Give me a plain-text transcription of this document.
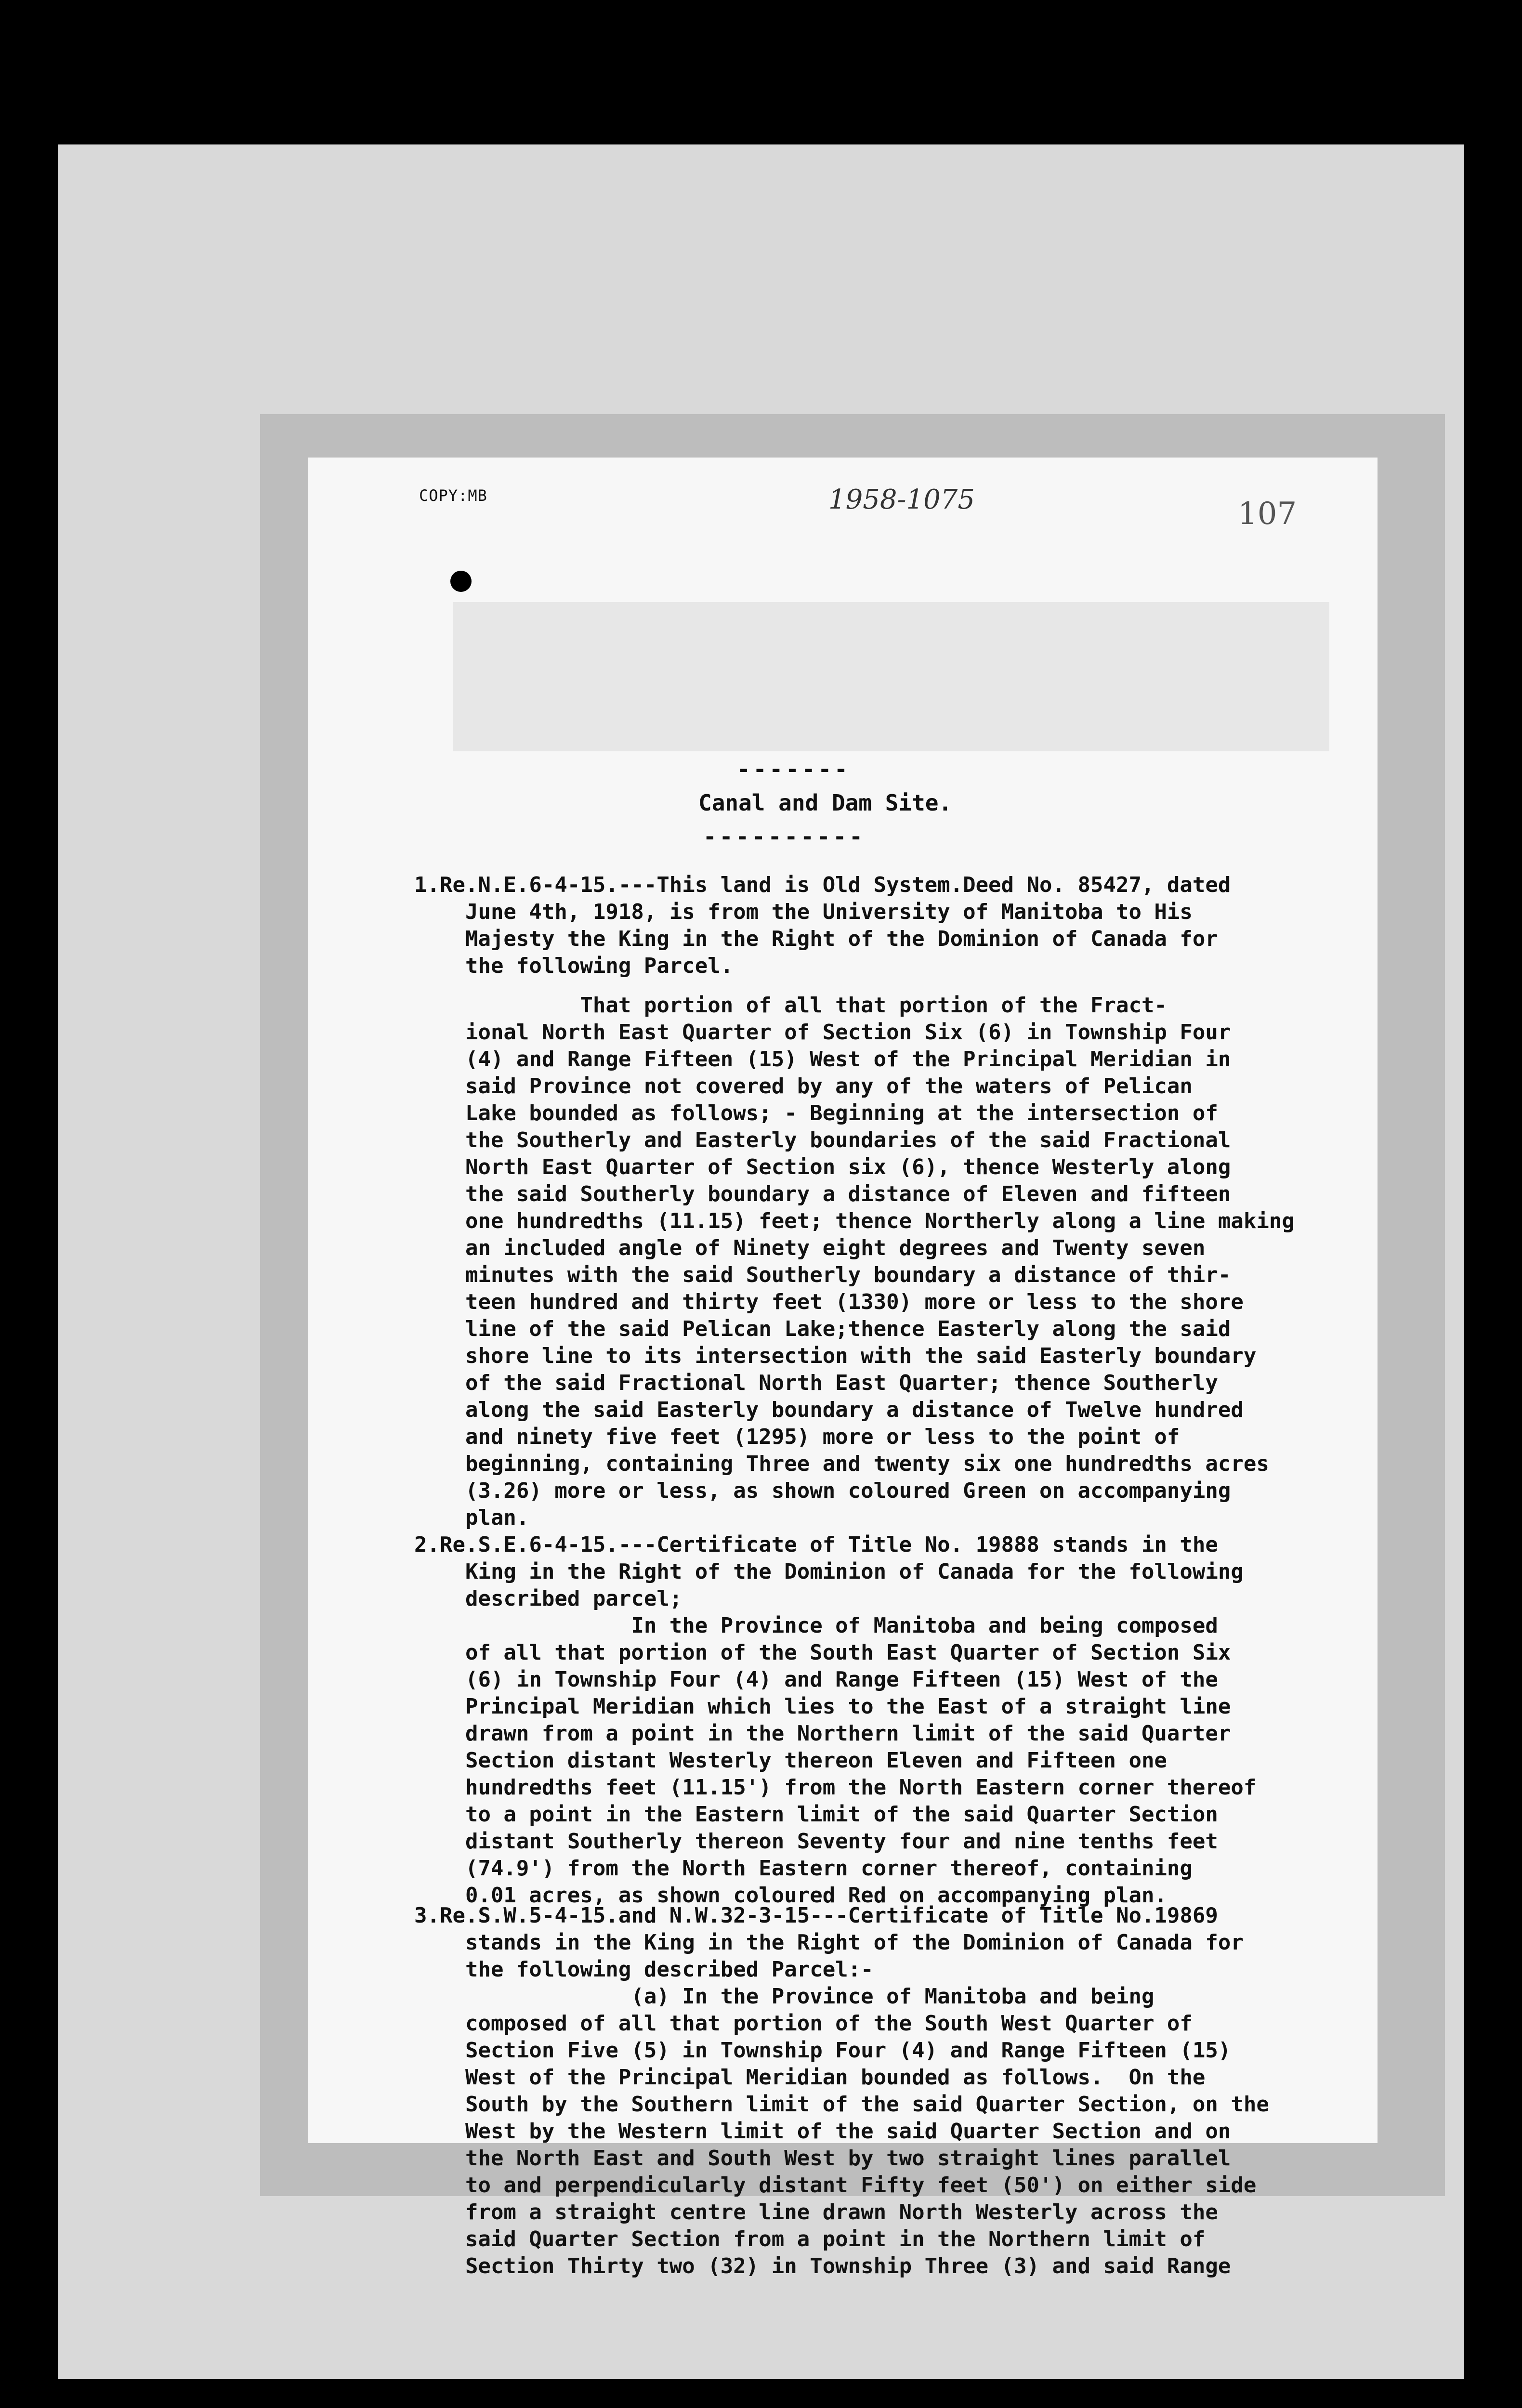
COPY:MB	1958-1075	107
-------
Canal and Dam Site.
----------
1.Re.N.E.6-4-15.---This land is Old System.Deed No. 85427, dated
June 4th, 1918, is from the University of Manitoba to His
Majesty the King in the Right of the Dominion of Canada for
the following Parcel.
That portion of all that portion of the Fract-
ional North East Quarter of Section Six (6) in Township Four
(4) and Range Fifteen (15) West of the Principal Meridian in
said Province not covered by any of the waters of Pelican
Lake bounded as follows; - Beginning at the intersection of
the Southerly and Easterly boundaries of the said Fractional
North East Quarter of Section six (6), thence Westerly along
the said Southerly boundary a distance of Eleven and fifteen
one hundredths (11.15) feet; thence Northerly along a line making
an included angle of Ninety eight degrees and Twenty seven
minutes with the said Southerly boundary a distance of thir-
teen hundred and thirty feet (1330) more or less to the shore
line of the said Pelican Lake;thence Easterly along the said
shore line to its intersection with the said Easterly boundary
of the said Fractional North East Quarter; thence Southerly
along the said Easterly boundary a distance of Twelve hundred
and ninety five feet (1295) more or less to the point of
beginning, containing Three and twenty six one hundredths acres
(3.26) more or less, as shown coloured Green on accompanying
plan.
2.Re.S.E.6-4-15.---Certificate of Title No. 19888 stands in the
King in the Right of the Dominion of Canada for the following
described parcel;
In the Province of Manitoba and being composed
of all that portion of the South East Quarter of Section Six
(6) in Township Four (4) and Range Fifteen (15) West of the
Principal Meridian which lies to the East of a straight line
drawn from a point in the Northern limit of the said Quarter
Section distant Westerly thereon Eleven and Fifteen one
hundredths feet (11.15') from the North Eastern corner thereof
to a point in the Eastern limit of the said Quarter Section
distant Southerly thereon Seventy four and nine tenths feet
(74.9') from the North Eastern corner thereof, containing
0.01 acres, as shown coloured Red on accompanying plan.
3.Re.S.W.5-4-15.and N.W.32-3-15---Certificate of Title No.19869
stands in the King in the Right of the Dominion of Canada for
the following described Parcel:-
(a) In the Province of Manitoba and being
composed of all that portion of the South West Quarter of
Section Five (5) in Township Four (4) and Range Fifteen (15)
West of the Principal Meridian bounded as follows.  On the
South by the Southern limit of the said Quarter Section, on the
West by the Western limit of the said Quarter Section and on
the North East and South West by two straight lines parallel
to and perpendicularly distant Fifty feet (50') on either side
from a straight centre line drawn North Westerly across the
said Quarter Section from a point in the Northern limit of
Section Thirty two (32) in Township Three (3) and said Range
